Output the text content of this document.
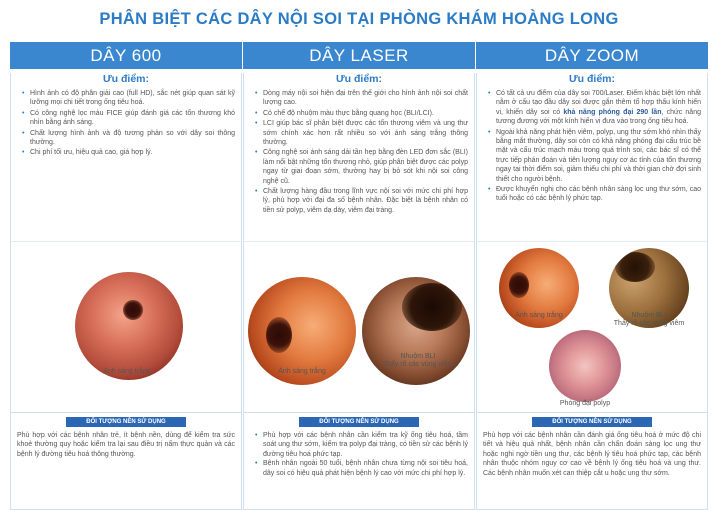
PHÂN BIỆT CÁC DÂY NỘI SOI TẠI PHÒNG KHÁM HOÀNG LONG
DÂY 600
Ưu điểm:
• Hình ảnh có độ phân giải cao (full HD), sắc nét giúp quan sát kỹ lưỡng mọi chi tiết trong ống tiêu hoá.
• Có công nghệ lọc màu FICE giúp đánh giá các tổn thương khó nhìn bằng ánh sáng.
• Chất lượng hình ảnh và độ tương phản so với dây soi thông thường.
• Chi phí tối ưu, hiệu quả cao, giá hợp lý.
Ánh sáng trắng
ĐỐI TƯỢNG NÊN SỬ DỤNG

Phù hợp với các bệnh nhân trẻ, ít bệnh nền, dùng để kiểm tra sức khoẻ thường quy hoặc kiểm tra lại sau điều trị nấm thực quản và các bệnh lý đường tiêu hoá thông thường.

DÂY LASER
Ưu điểm:
• Dòng máy nội soi hiện đại trên thế giới cho hình ảnh nội soi chất lượng cao.
• Có chế độ nhuộm màu thực bằng quang học (BLI/LCI).
• LCI giúp bác sĩ phân biệt được các tổn thương viêm và ung thư sớm chính xác hơn rất nhiều so với ánh sáng trắng thông thường.
• Công nghệ soi ánh sáng dải tần hẹp bằng đèn LED đơn sắc (BLI) làm nổi bật những tổn thương nhỏ, giúp phân biệt được các polyp ngay từ giai đoạn sớm, thường hay bị bỏ sót khi nội soi công nghệ cũ.
• Chất lượng hàng đầu trong lĩnh vực nội soi với mức chi phí hợp lý, phù hợp với đại đa số bệnh nhân. Đặc biệt là bệnh nhân có tiền sử polyp, viêm dạ dày, viêm đại tràng.
Ánh sáng trắng
Nhuộm BLI
Thấy rõ các vùng viêm
ĐỐI TƯỢNG NÊN SỬ DỤNG
• Phù hợp với các bệnh nhân cần kiểm tra kỹ ống tiêu hoá, tầm soát ung thư sớm, kiểm tra polyp đại tràng, có tiền sử các bệnh lý đường tiêu hoá phức tạp.
• Bệnh nhân ngoài 50 tuổi, bệnh nhân chưa từng nội soi tiêu hoá, dây soi có hiệu quả phát hiện bệnh lý cao với mức chi phí hợp lý.
DÂY ZOOM
Ưu điểm:
• Có tất cả ưu điểm của dây soi 700/Laser. Điểm khác biệt lớn nhất nằm ở cấu tạo đầu dây soi được gắn thêm tổ hợp thấu kính hiển vi, khiến dây soi có khả năng phóng đại 290 lần, chức năng tương đương với một kính hiển vi đưa vào trong ống tiêu hoá.
• Ngoài khả năng phát hiện viêm, polyp, ung thư sớm khó nhìn thấy bằng mắt thường, dây soi còn có khả năng phóng đại cấu trúc bề mặt và cấu trúc mạch máu trong quá trình soi, các bác sĩ có thể trực tiếp phán đoán và tiên lượng nguy cơ ác tính của tổn thương ngay tại thời điểm soi, giảm thiểu chi phí và thời gian chờ đợi sinh thiết cho người bệnh.
• Được khuyến nghị cho các bệnh nhân sàng lọc ung thư sớm, cao tuổi hoặc có các bệnh lý phức tạp.
Ánh sáng trắng	Nhuộm BLI
Thấy rõ các vùng viêm
Phóng đại polyp
ĐỐI TƯỢNG NÊN SỬ DỤNG

Phù hợp với các bệnh nhân cần đánh giá ống tiêu hoá ở mức độ chi tiết và hiệu quả nhất, bệnh nhân cần chẩn đoán sàng lọc ung thư hoặc nghi ngờ tiền ung thư, các bệnh lý tiêu hoá phức tạp, các bệnh nhân thuộc nhóm nguy cơ cao về bệnh lý ống tiêu hoá và ung thư. Các bệnh nhân muốn xét can thiệp cắt u hoặc ung thư sớm.
